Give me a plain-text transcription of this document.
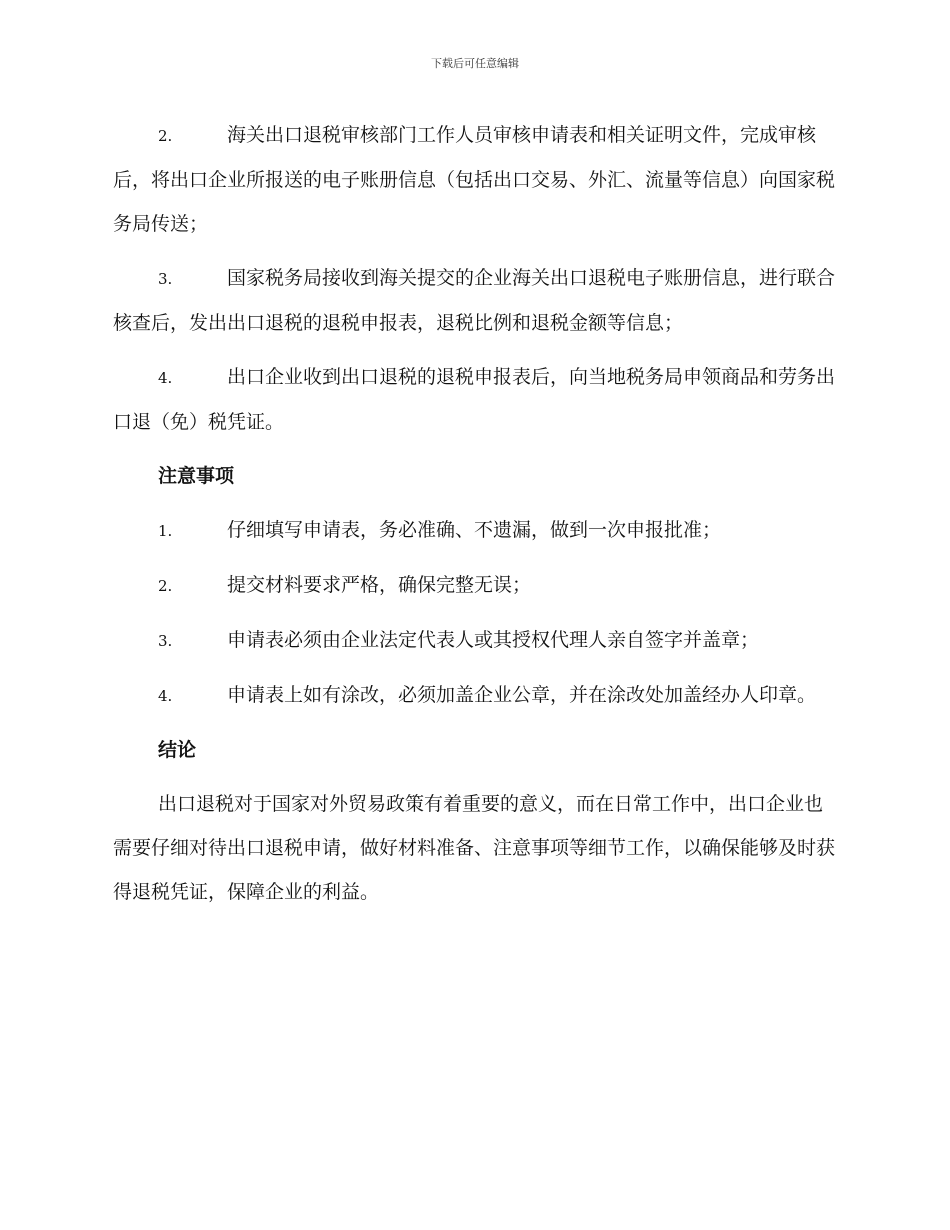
下载后可任意编辑

2.	海关出口退税审核部门工作人员审核申请表和相关证明文件，完成审核后，将出口企业所报送的电子账册信息（包括出口交易、外汇、流量等信息）向国家税务局传送；

3.	国家税务局接收到海关提交的企业海关出口退税电子账册信息，进行联合核查后，发出出口退税的退税申报表，退税比例和退税金额等信息；

4.	出口企业收到出口退税的退税申报表后，向当地税务局申领商品和劳务出口退（免）税凭证。

注意事项

1.	仔细填写申请表，务必准确、不遗漏，做到一次申报批准；

2.	提交材料要求严格，确保完整无误；

3.	申请表必须由企业法定代表人或其授权代理人亲自签字并盖章；

4.	申请表上如有涂改，必须加盖企业公章，并在涂改处加盖经办人印章。

结论

出口退税对于国家对外贸易政策有着重要的意义，而在日常工作中，出口企业也需要仔细对待出口退税申请，做好材料准备、注意事项等细节工作，以确保能够及时获得退税凭证，保障企业的利益。
